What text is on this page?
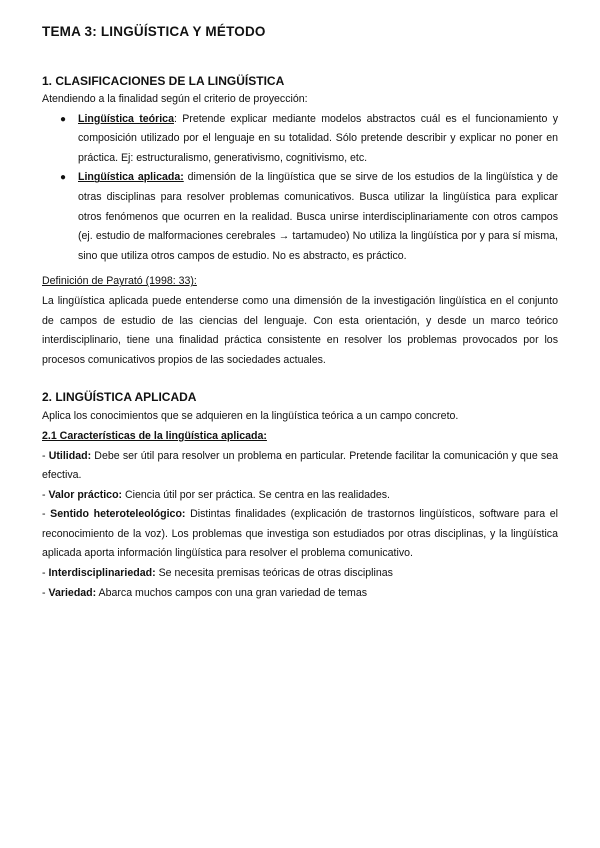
TEMA 3: LINGÜÍSTICA Y MÉTODO
1. CLASIFICACIONES DE LA LINGÜÍSTICA

Atendiendo a la finalidad según el criterio de proyección:

● Lingüística teórica: Pretende explicar mediante modelos abstractos cuál es el funcionamiento y composición utilizado por el lenguaje en su totalidad. Sólo pretende describir y explicar no poner en práctica. Ej: estructuralismo, generativismo, cognitivismo, etc.
● Lingüística aplicada: dimensión de la lingüística que se sirve de los estudios de la lingüística y de otras disciplinas para resolver problemas comunicativos. Busca utilizar la lingüística para explicar otros fenómenos que ocurren en la realidad. Busca unirse interdisciplinariamente con otros campos (ej. estudio de malformaciones cerebrales → tartamudeo) No utiliza la lingüística por y para sí misma, sino que utiliza otros campos de estudio. No es abstracto, es práctico.

Definición de Payrató (1998: 33):

La lingüística aplicada puede entenderse como una dimensión de la investigación lingüística en el conjunto de campos de estudio de las ciencias del lenguaje. Con esta orientación, y desde un marco teórico interdisciplinario, tiene una finalidad práctica consistente en resolver los problemas provocados por los procesos comunicativos propios de las sociedades actuales.

2. LINGÜÍSTICA APLICADA

Aplica los conocimientos que se adquieren en la lingüística teórica a un campo concreto.

2.1 Características de la lingüística aplicada:

- Utilidad: Debe ser útil para resolver un problema en particular. Pretende facilitar la comunicación y que sea efectiva.

- Valor práctico: Ciencia útil por ser práctica. Se centra en las realidades.

- Sentido heteroteleológico: Distintas finalidades (explicación de trastornos lingüísticos, software para el reconocimiento de la voz). Los problemas que investiga son estudiados por otras disciplinas, y la lingüística aplicada aporta información lingüística para resolver el problema comunicativo.

- Interdisciplinariedad: Se necesita premisas teóricas de otras disciplinas

- Variedad: Abarca muchos campos con una gran variedad de temas
